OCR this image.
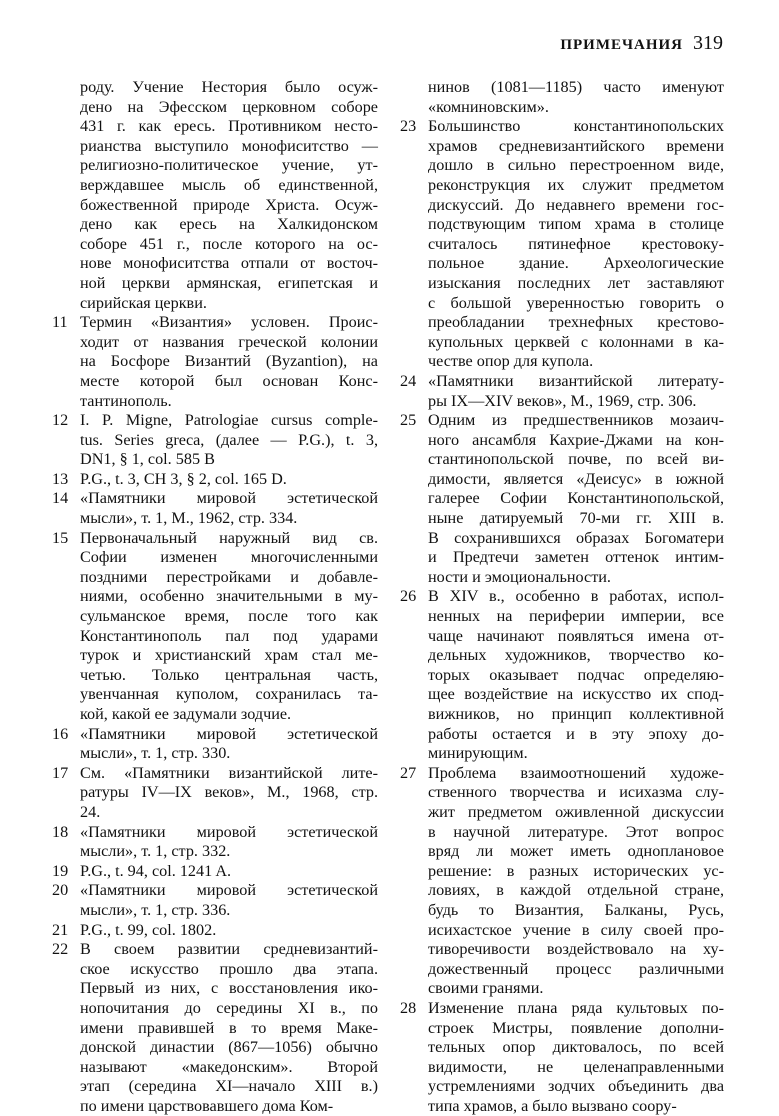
ПРИМЕЧАНИЯ 319
роду. Учение Нестория было осуж-
дено на Эфесском церковном соборе
431 г. как ересь. Противником несто-
рианства выступило монофиситство —
религиозно-политическое учение, ут-
верждавшее мысль об единственной,
божественной природе Христа. Осуж-
дено как ересь на Халкидонском
соборе 451 г., после которого на ос-
нове монофиситства отпали от восточ-
ной церкви армянская, египетская и
сирийская церкви.
11 Термин «Византия» условен. Проис-
ходит от названия греческой колонии
на Босфоре Византий (Byzantion), на
месте которой был основан Конс-
тантинополь.
12 I. P. Migne, Patrologiae cursus comple-
tus. Series greca, (далее — P.G.), t. 3,
DN1, § 1, col. 585 B
13 P.G., t. 3, CH 3, § 2, col. 165 D.
14 «Памятники мировой эстетической
мысли», т. 1, М., 1962, стр. 334.
15 Первоначальный наружный вид св.
Софии изменен многочисленными
поздними перестройками и добавле-
ниями, особенно значительными в му-
сульманское время, после того как
Константинополь пал под ударами
турок и христианский храм стал ме-
четью. Только центральная часть,
увенчанная куполом, сохранилась та-
кой, какой ее задумали зодчие.
16 «Памятники мировой эстетической
мысли», т. 1, стр. 330.
17 См. «Памятники византийской лите-
ратуры IV—IX веков», М., 1968, стр.
24.
18 «Памятники мировой эстетической
мысли», т. 1, стр. 332.
19 P.G., t. 94, col. 1241 A.
20 «Памятники мировой эстетической
мысли», т. 1, стр. 336.
21 P.G., t. 99, col. 1802.
22 В своем развитии средневизантий-
ское искусство прошло два этапа.
Первый из них, с восстановления ико-
нопочитания до середины XI в., по
имени правившей в то время Маке-
донской династии (867—1056) обычно
называют «македонским». Второй
этап (середина XI—начало XIII в.)
по имени царствовавшего дома Ком-
нинов (1081—1185) часто именуют
«комниновским».
23 Большинство константинопольских
храмов средневизантийского времени
дошло в сильно перестроенном виде,
реконструкция их служит предметом
дискуссий. До недавнего времени гос-
подствующим типом храма в столице
считалось пятинефное крестовоку-
польное здание. Археологические
изыскания последних лет заставляют
с большой уверенностью говорить о
преобладании трехнефных крестово-
купольных церквей с колоннами в ка-
честве опор для купола.
24 «Памятники византийской литерату-
ры IX—XIV веков», М., 1969, стр. 306.
25 Одним из предшественников мозаич-
ного ансамбля Кахрие-Джами на кон-
стантинопольской почве, по всей ви-
димости, является «Деисус» в южной
галерее Софии Константинопольской,
ныне датируемый 70-ми гг. XIII в.
В сохранившихся образах Богоматери
и Предтечи заметен оттенок интим-
ности и эмоциональности.
26 В XIV в., особенно в работах, испол-
ненных на периферии империи, все
чаще начинают появляться имена от-
дельных художников, творчество ко-
торых оказывает подчас определяю-
щее воздействие на искусство их спод-
вижников, но принцип коллективной
работы остается и в эту эпоху до-
минирующим.
27 Проблема взаимоотношений художе-
ственного творчества и исихазма слу-
жит предметом оживленной дискуссии
в научной литературе. Этот вопрос
вряд ли может иметь одноплановое
решение: в разных исторических ус-
ловиях, в каждой отдельной стране,
будь то Византия, Балканы, Русь,
исихастское учение в силу своей про-
тиворечивости воздействовало на ху-
дожественный процесс различными
своими гранями.
28 Изменение плана ряда культовых по-
строек Мистры, появление дополни-
тельных опор диктовалось, по всей
видимости, не целенаправленными
устремлениями зодчих объединить два
типа храмов, а было вызвано соору-
